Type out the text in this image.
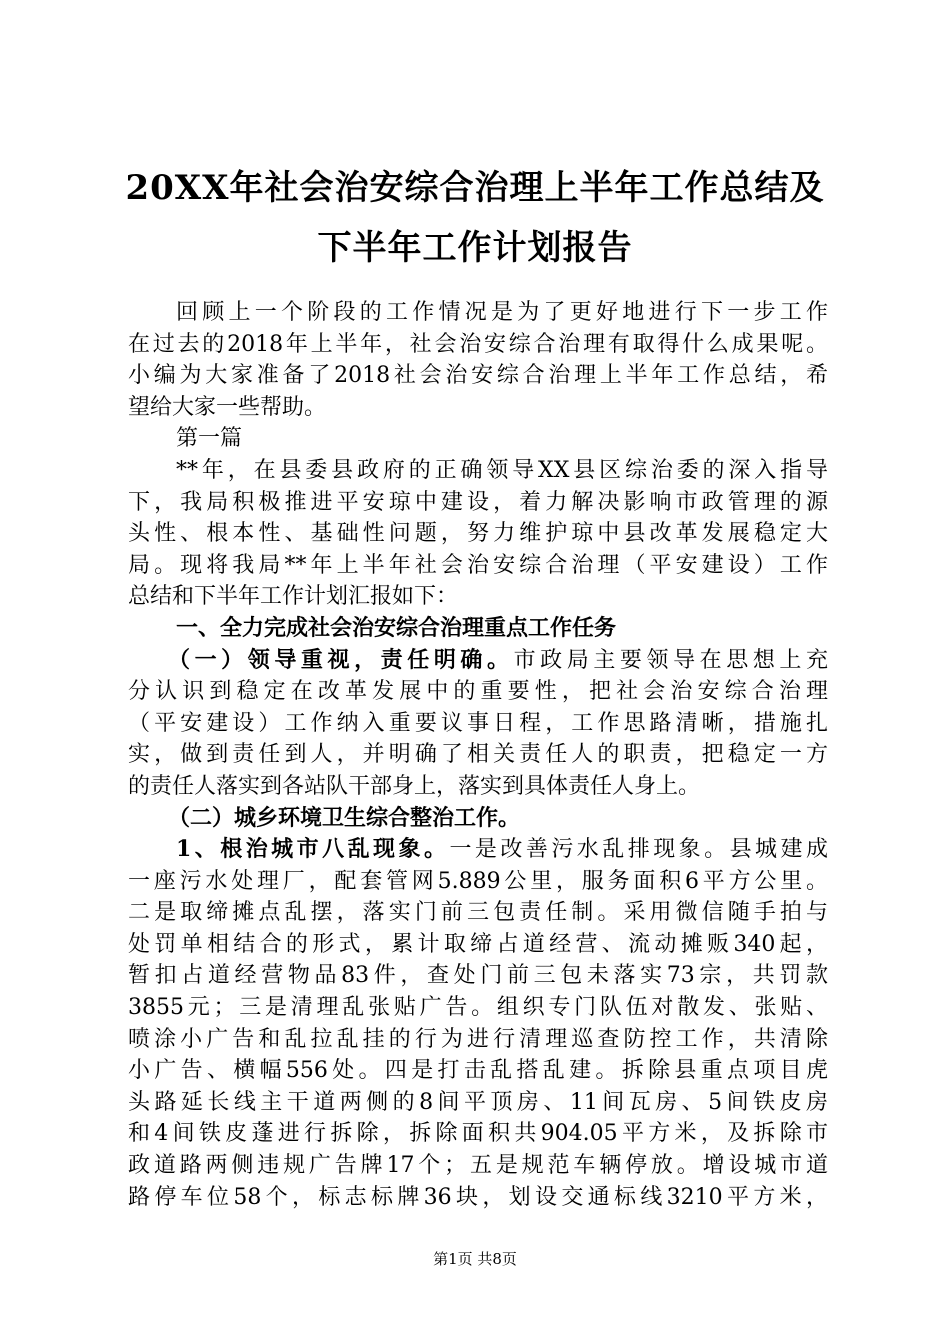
20XX年社会治安综合治理上半年工作总结及
下半年工作计划报告
回顾上一个阶段的工作情况是为了更好地进行下一步工作
在过去的2018年上半年，社会治安综合治理有取得什么成果呢。
小编为大家准备了2018社会治安综合治理上半年工作总结，希
望给大家一些帮助。
第一篇
**年，在县委县政府的正确领导XX县区综治委的深入指导
下，我局积极推进平安琼中建设，着力解决影响市政管理的源
头性、根本性、基础性问题，努力维护琼中县改革发展稳定大
局。现将我局**年上半年社会治安综合治理（平安建设）工作
总结和下半年工作计划汇报如下：
一、全力完成社会治安综合治理重点工作任务
（一）领导重视，责任明确。市政局主要领导在思想上充
分认识到稳定在改革发展中的重要性，把社会治安综合治理
（平安建设）工作纳入重要议事日程，工作思路清晰，措施扎
实，做到责任到人，并明确了相关责任人的职责，把稳定一方
的责任人落实到各站队干部身上，落实到具体责任人身上。
（二）城乡环境卫生综合整治工作。
1、根治城市八乱现象。一是改善污水乱排现象。县城建成
一座污水处理厂，配套管网5.889公里，服务面积6平方公里。
二是取缔摊点乱摆，落实门前三包责任制。采用微信随手拍与
处罚单相结合的形式，累计取缔占道经营、流动摊贩340起，
暂扣占道经营物品83件，查处门前三包未落实73宗，共罚款
3855元；三是清理乱张贴广告。组织专门队伍对散发、张贴、
喷涂小广告和乱拉乱挂的行为进行清理巡查防控工作，共清除
小广告、横幅556处。四是打击乱搭乱建。拆除县重点项目虎
头路延长线主干道两侧的8间平顶房、11间瓦房、5间铁皮房
和4间铁皮蓬进行拆除，拆除面积共904.05平方米，及拆除市
政道路两侧违规广告牌17个；五是规范车辆停放。增设城市道
路停车位58个，标志标牌36块，划设交通标线3210平方米，
第1页 共8页
